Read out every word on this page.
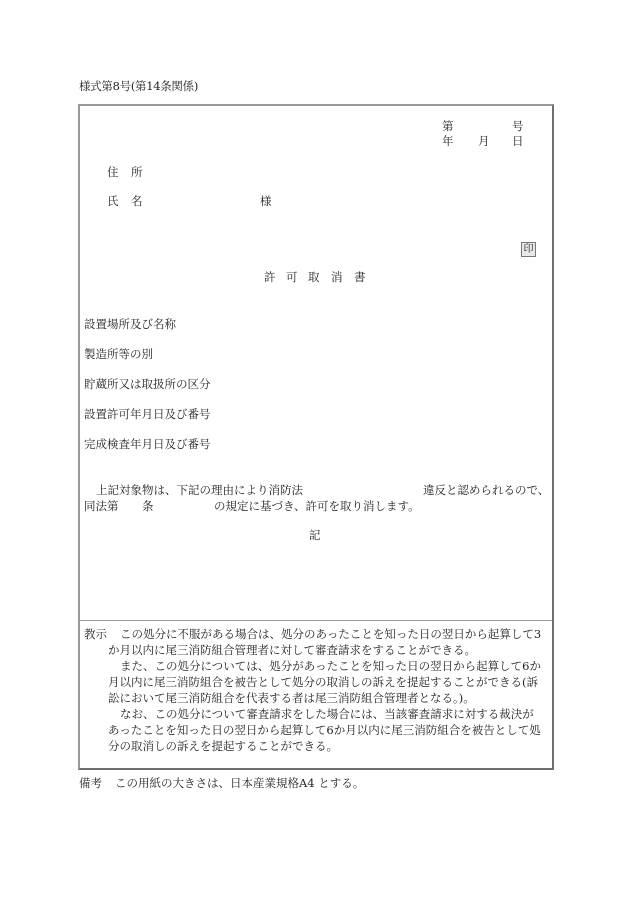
様式第8号(第14条関係)
第	号
年 月 日
住 所
氏 名	様
印
許 可 取 消 書
設置場所及び名称
製造所等の別
貯蔵所又は取扱所の区分
設置許可年月日及び番号
完成検査年月日及び番号
上記対象物は、下記の理由により消防法	違反と認められるので、
同法第 条	の規定に基づき、許可を取り消します。
記
教示 この処分に不服がある場合は、処分のあったことを知った日の翌日から起算して3
か月以内に尾三消防組合管理者に対して審査請求をすることができる。
また、この処分については、処分があったことを知った日の翌日から起算して6か
月以内に尾三消防組合を被告として処分の取消しの訴えを提起することができる(訴
訟において尾三消防組合を代表する者は尾三消防組合管理者となる。)。
なお、この処分について審査請求をした場合には、当該審査請求に対する裁決が
あったことを知った日の翌日から起算して6か月以内に尾三消防組合を被告として処
分の取消しの訴えを提起することができる。
備考 この用紙の大きさは、日本産業規格A4 とする。
